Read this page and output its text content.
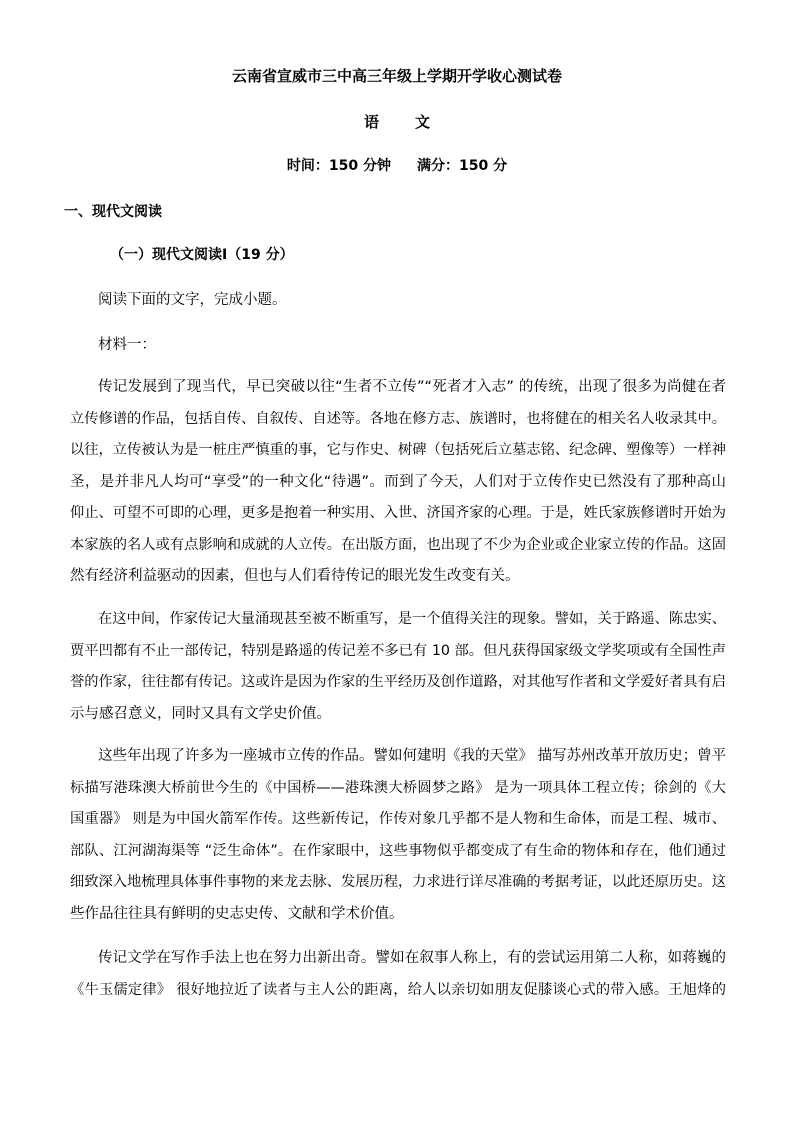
云南省宣威市三中高三年级上学期开学收心测试卷
语 文
时间：150 分钟 满分：150 分
一、现代文阅读
（一）现代文阅读Ⅰ（19 分）
阅读下面的文字，完成小题。
材料一：
传记发展到了现当代，早已突破以往“生者不立传”“死者才入志” 的传统，出现了很多为尚健在者
立传修谱的作品，包括自传、自叙传、自述等。各地在修方志、族谱时，也将健在的相关名人收录其中。
以往，立传被认为是一桩庄严慎重的事，它与作史、树碑（包括死后立墓志铭、纪念碑、塑像等）一样神
圣，是并非凡人均可“享受”的一种文化“待遇”。而到了今天，人们对于立传作史已然没有了那种高山
仰止、可望不可即的心理，更多是抱着一种实用、入世、济国齐家的心理。于是，姓氏家族修谱时开始为
本家族的名人或有点影响和成就的人立传。在出版方面，也出现了不少为企业或企业家立传的作品。这固
然有经济利益驱动的因素，但也与人们看待传记的眼光发生改变有关。
在这中间，作家传记大量涌现甚至被不断重写，是一个值得关注的现象。譬如，关于路遥、陈忠实、
贾平凹都有不止一部传记，特别是路遥的传记差不多已有 10 部。但凡获得国家级文学奖项或有全国性声
誉的作家，往往都有传记。这或许是因为作家的生平经历及创作道路，对其他写作者和文学爱好者具有启
示与感召意义，同时又具有文学史价值。
这些年出现了许多为一座城市立传的作品。譬如何建明《我的天堂》 描写苏州改革开放历史；曾平
标描写港珠澳大桥前世今生的《中国桥——港珠澳大桥圆梦之路》 是为一项具体工程立传；徐剑的《大
国重器》 则是为中国火箭军作传。这些新传记，作传对象几乎都不是人物和生命体，而是工程、城市、
部队、江河湖海渠等 “泛生命体”。在作家眼中，这些事物似乎都变成了有生命的物体和存在，他们通过
细致深入地梳理具体事件事物的来龙去脉、发展历程，力求进行详尽准确的考据考证，以此还原历史。这
些作品往往具有鲜明的史志史传、文献和学术价值。
传记文学在写作手法上也在努力出新出奇。譬如在叙事人称上，有的尝试运用第二人称，如蒋巍的
《牛玉儒定律》 很好地拉近了读者与主人公的距离，给人以亲切如朋友促膝谈心式的带入感。王旭烽的
